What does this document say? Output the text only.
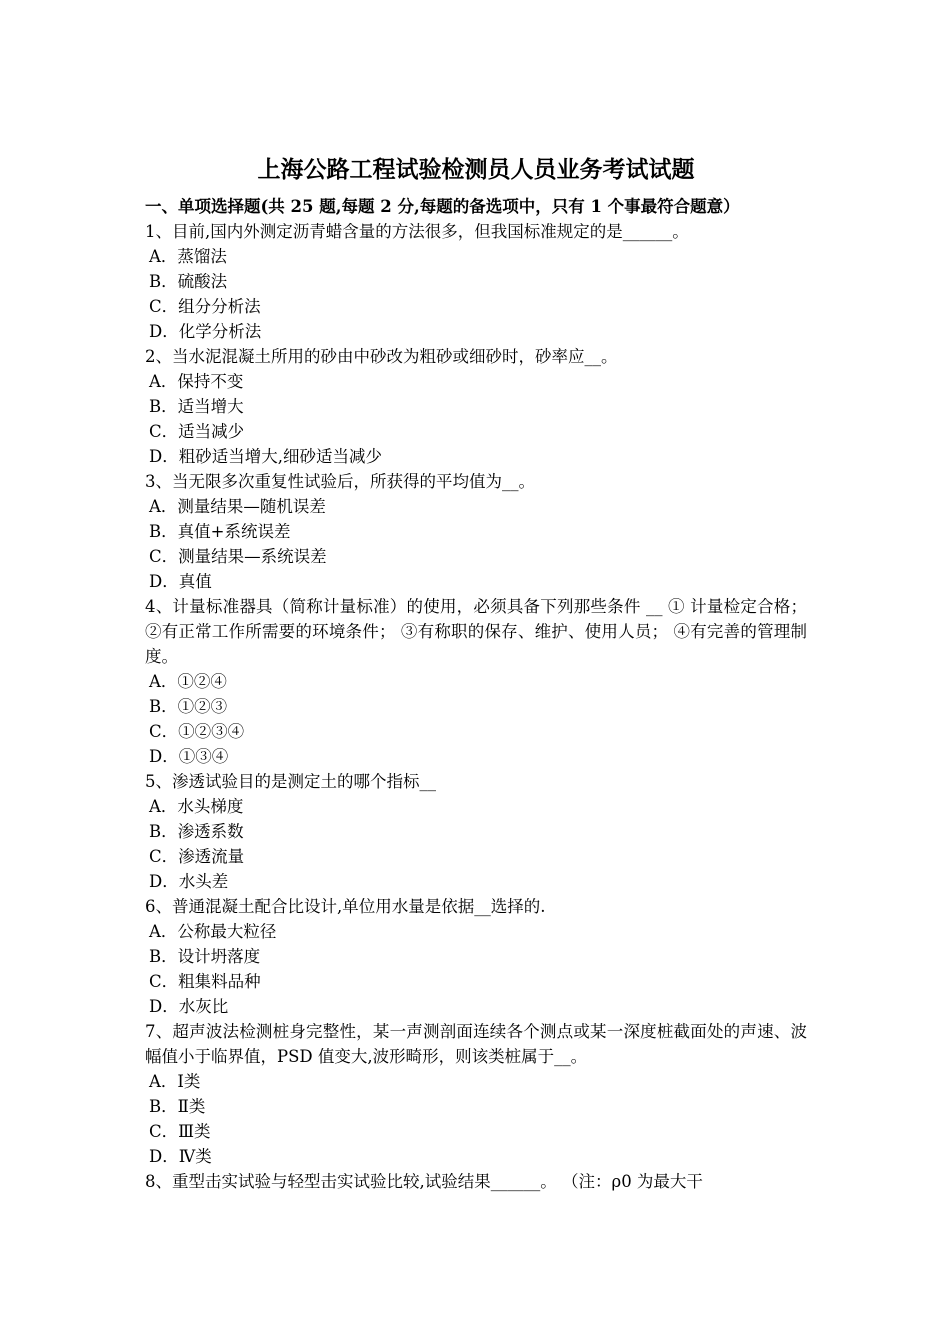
上海公路工程试验检测员人员业务考试试题

一、单项选择题(共 25 题,每题 2 分,每题的备选项中，只有 1 个事最符合题意）

1、目前,国内外测定沥青蜡含量的方法很多，但我国标准规定的是______。

A．蒸馏法

B．硫酸法

C．组分分析法

D．化学分析法

2、当水泥混凝土所用的砂由中砂改为粗砂或细砂时，砂率应__。

A．保持不变

B．适当增大

C．适当减少

D．粗砂适当增大,细砂适当减少

3、当无限多次重复性试验后，所获得的平均值为__。

A．测量结果—随机误差

B．真值+系统误差

C．测量结果—系统误差

D．真值

4、计量标准器具（简称计量标准）的使用，必须具备下列那些条件 __ ① 计量检定合格； ②有正常工作所需要的环境条件； ③有称职的保存、维护、使用人员； ④有完善的管理制度。

A．①②④

B．①②③

C．①②③④

D．①③④

5、渗透试验目的是测定土的哪个指标__

A．水头梯度

B．渗透系数

C．渗透流量

D．水头差

6、普通混凝土配合比设计,单位用水量是依据__选择的.

A．公称最大粒径

B．设计坍落度

C．粗集料品种

D．水灰比

7、超声波法检测桩身完整性，某一声测剖面连续各个测点或某一深度桩截面处的声速、波幅值小于临界值，PSD 值变大,波形畸形，则该类桩属于__。

A．Ⅰ类

B．Ⅱ类

C．Ⅲ类

D．Ⅳ类

8、重型击实试验与轻型击实试验比较,试验结果______。 （注：ρ0 为最大干
